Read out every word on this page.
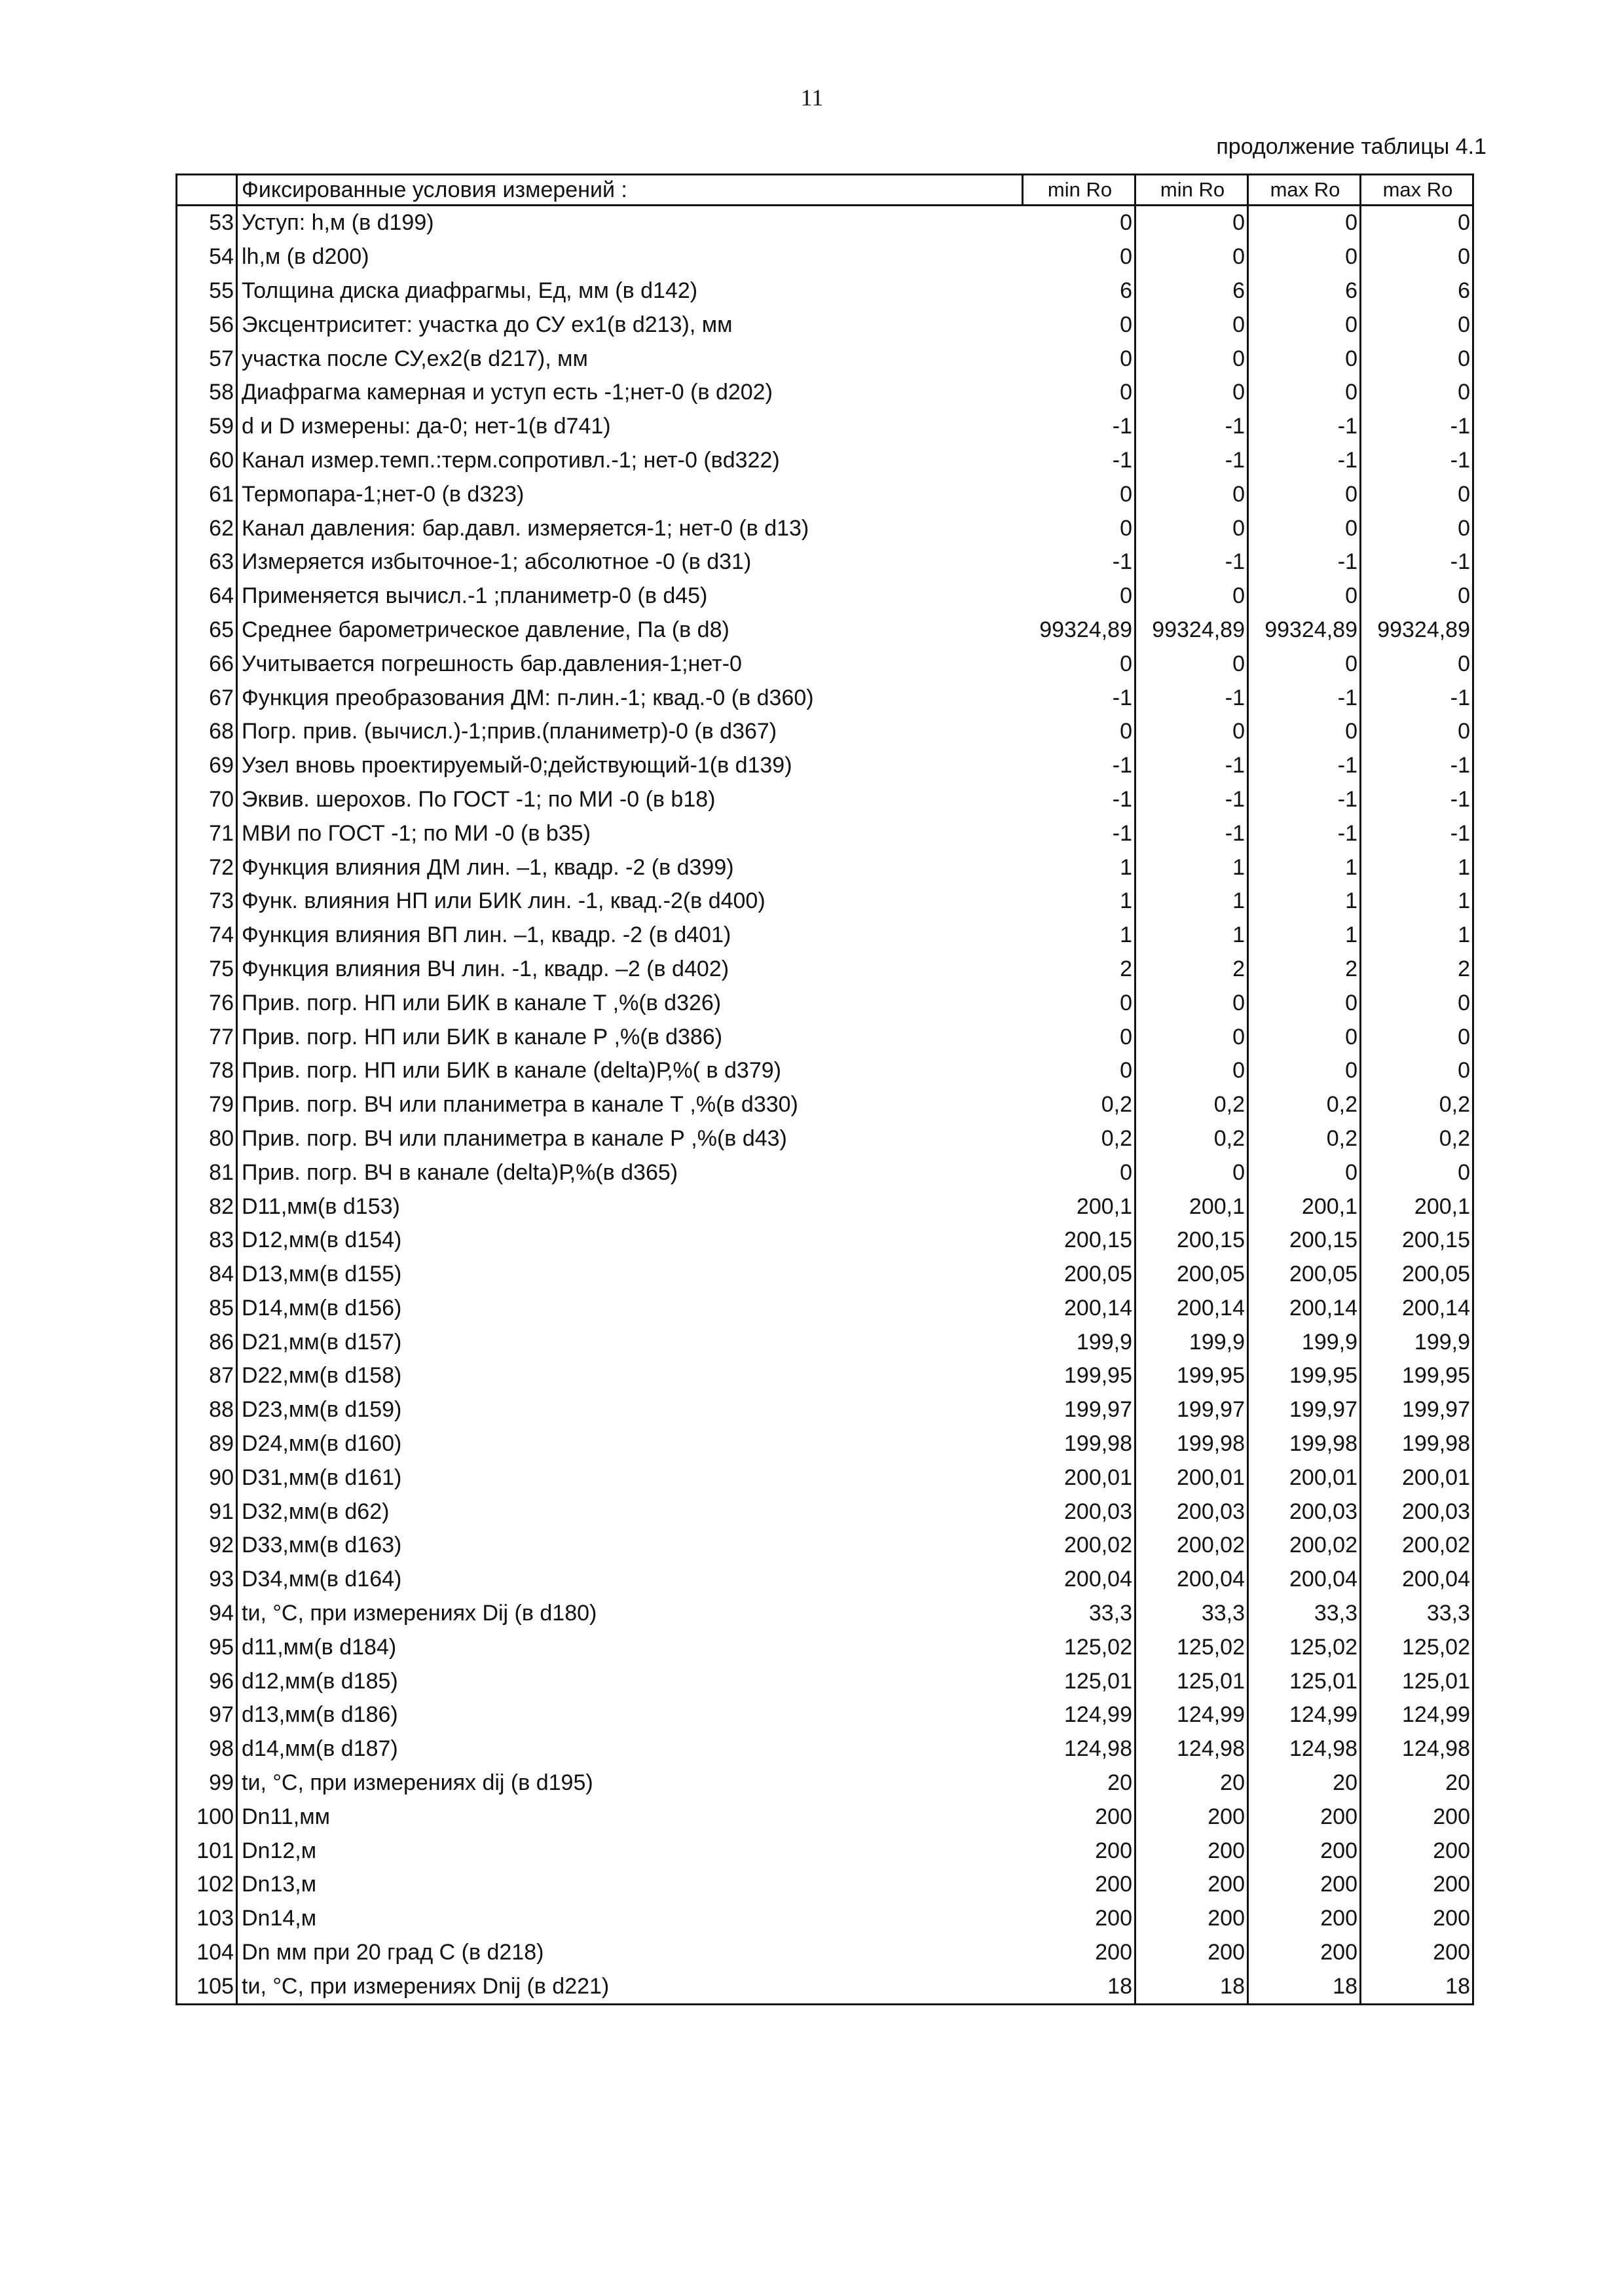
11
продолжение таблицы 4.1
	Фиксированные условия измерений :	min Ro	min Ro	max Ro	max Ro
53	Уступ: h,м (в d199)	0	0	0	0
54	lh,м (в d200)	0	0	0	0
55	Толщина диска диафрагмы, Ед, мм (в d142)	6	6	6	6
56	Эксцентриситет: участка до СУ ex1(в d213), мм	0	0	0	0
57	участка после СУ,ex2(в d217), мм	0	0	0	0
58	Диафрагма камерная и уступ есть -1;нет-0 (в d202)	0	0	0	0
59	d и D измерены: да-0; нет-1(в d741)	-1	-1	-1	-1
60	Канал измер.темп.:терм.сопротивл.-1; нет-0 (вd322)	-1	-1	-1	-1
61	Термопара-1;нет-0 (в d323)	0	0	0	0
62	Канал давления: бар.давл. измеряется-1; нет-0 (в d13)	0	0	0	0
63	Измеряется избыточное-1; абсолютное -0 (в d31)	-1	-1	-1	-1
64	Применяется вычисл.-1 ;планиметр-0 (в d45)	0	0	0	0
65	Среднее барометрическое давление, Па (в d8)	99324,89	99324,89	99324,89	99324,89
66	Учитывается погрешность бар.давления-1;нет-0	0	0	0	0
67	Функция преобразования ДМ: п-лин.-1; квад.-0 (в d360)	-1	-1	-1	-1
68	Погр. прив. (вычисл.)-1;прив.(планиметр)-0 (в d367)	0	0	0	0
69	Узел вновь проектируемый-0;действующий-1(в d139)	-1	-1	-1	-1
70	Эквив. шерохов. По ГОСТ -1; по МИ -0 (в b18)	-1	-1	-1	-1
71	МВИ по ГОСТ -1; по МИ -0 (в b35)	-1	-1	-1	-1
72	Функция влияния ДМ лин. –1, квадр. -2 (в d399)	1	1	1	1
73	Функ. влияния НП или БИК лин. -1, квад.-2(в d400)	1	1	1	1
74	Функция влияния ВП лин. –1, квадр. -2 (в d401)	1	1	1	1
75	Функция влияния ВЧ лин. -1, квадр. –2 (в d402)	2	2	2	2
76	Прив. погр. НП или БИК в канале Т ,%(в d326)	0	0	0	0
77	Прив. погр. НП или БИК в канале Р ,%(в d386)	0	0	0	0
78	Прив. погр. НП или БИК в канале (delta)Р,%( в d379)	0	0	0	0
79	Прив. погр. ВЧ или планиметра в канале Т ,%(в d330)	0,2	0,2	0,2	0,2
80	Прив. погр. ВЧ или планиметра в канале Р ,%(в d43)	0,2	0,2	0,2	0,2
81	Прив. погр. ВЧ в канале (delta)Р,%(в d365)	0	0	0	0
82	D11,мм(в d153)	200,1	200,1	200,1	200,1
83	D12,мм(в d154)	200,15	200,15	200,15	200,15
84	D13,мм(в d155)	200,05	200,05	200,05	200,05
85	D14,мм(в d156)	200,14	200,14	200,14	200,14
86	D21,мм(в d157)	199,9	199,9	199,9	199,9
87	D22,мм(в d158)	199,95	199,95	199,95	199,95
88	D23,мм(в d159)	199,97	199,97	199,97	199,97
89	D24,мм(в d160)	199,98	199,98	199,98	199,98
90	D31,мм(в d161)	200,01	200,01	200,01	200,01
91	D32,мм(в d62)	200,03	200,03	200,03	200,03
92	D33,мм(в d163)	200,02	200,02	200,02	200,02
93	D34,мм(в d164)	200,04	200,04	200,04	200,04
94	tи, °С, при измерениях Dij (в d180)	33,3	33,3	33,3	33,3
95	d11,мм(в d184)	125,02	125,02	125,02	125,02
96	d12,мм(в d185)	125,01	125,01	125,01	125,01
97	d13,мм(в d186)	124,99	124,99	124,99	124,99
98	d14,мм(в d187)	124,98	124,98	124,98	124,98
99	tи, °С, при измерениях dij (в d195)	20	20	20	20
100	Dn11,мм	200	200	200	200
101	Dn12,м	200	200	200	200
102	Dn13,м	200	200	200	200
103	Dn14,м	200	200	200	200
104	Dn мм при 20 град С (в d218)	200	200	200	200
105	tи, °С, при измерениях Dnij (в d221)	18	18	18	18
